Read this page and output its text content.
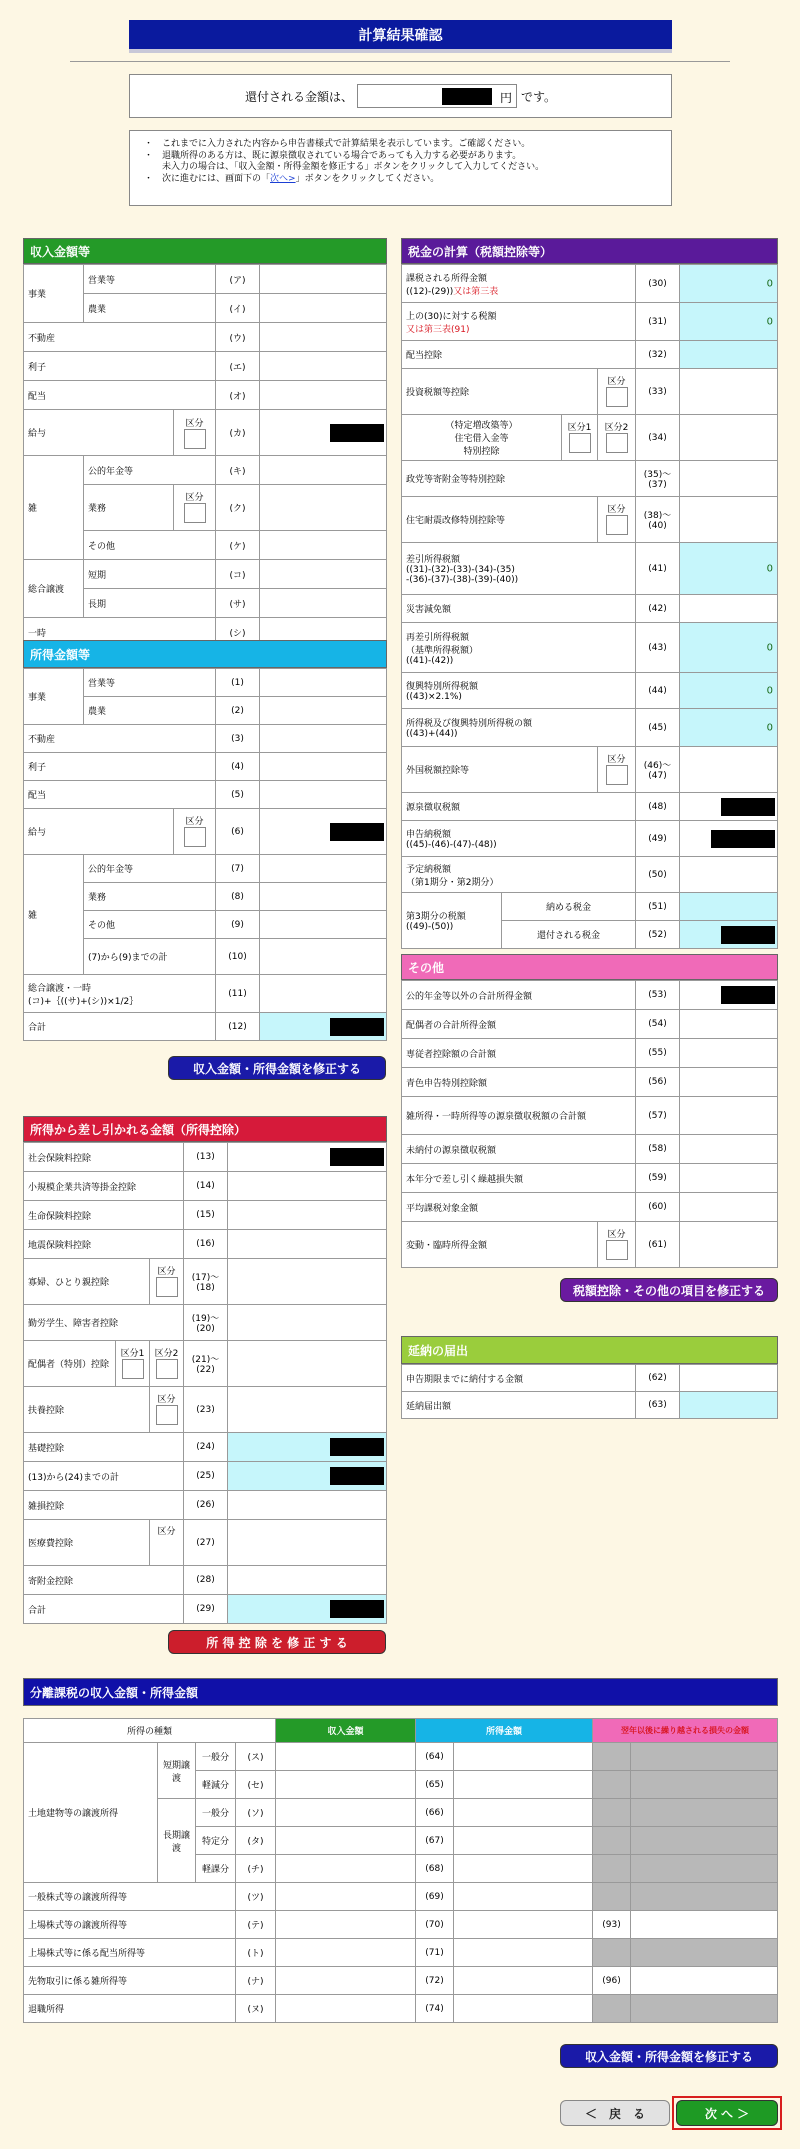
計算結果確認
還付される金額は、	円 です。
・　これまでに入力された内容から申告書様式で計算結果を表示しています。ご確認ください。
・　退職所得のある方は、既に源泉徴収されている場合であっても入力する必要があります。
　　未入力の場合は、「収入金額・所得金額を修正する」ボタンをクリックして入力してください。
・　次に進むには、画面下の「次へ>」ボタンをクリックしてください。
収入金額等
事業	営業等		(ア)	
	農業		(イ)	
不動産			(ウ)	
利子			(エ)	
配当			(オ)	
給与		区分	(カ)	

雑	公的年金等		(キ)	
	業務	区分	(ク)	
	その他		(ケ)	
総合譲渡	短期		(コ)	
	長期		(サ)	
一時			(シ)	
所得金額等
事業	営業等		(1)	
	農業		(2)	
不動産			(3)	
利子			(4)	
配当			(5)	
給与		区分	(6)	

雑	公的年金等		(7)	
	業務		(8)	
	その他		(9)	
	(7)から(9)までの計		(10)	

総合譲渡・一時
(コ)+｛((サ)+(シ))×1/2｝			(11)	
合計			(12)	
収入金額・所得金額を修正する
所得から差し引かれる金額（所得控除）
社会保険料控除			(13)	

小規模企業共済等掛金控除			(14)	
生命保険料控除			(15)	
地震保険料控除			(16)	
寡婦、ひとり親控除		区分	(17)～(18)	
勤労学生、障害者控除			(19)～(20)	
配偶者（特別）控除	区分1	区分2	(21)～(22)	
扶養控除		区分	(23)	
基礎控除			(24)	

(13)から(24)までの計			(25)	

雑損控除			(26)	
医療費控除		区分	(27)	
寄附金控除			(28)	
合計			(29)	
所 得 控 除 を 修 正 す る
税金の計算（税額控除等）
課税される所得金額
((12)-(29))又は第三表				(30)	0

上の(30)に対する税額
又は第三表(91)				(31)	0

配当控除				(32)	
投資税額等控除			区分	(33)	

（特定増改築等）
住宅借入金等
特別控除		区分1	区分2	(34)	
政党等寄附金等特別控除				(35)～(37)	
住宅耐震改修特別控除等			区分	(38)～(40)	

差引所得税額
((31)-(32)-(33)-(34)-(35)
-(36)-(37)-(38)-(39)-(40))				(41)	0

災害減免額				(42)	

再差引所得税額
（基準所得税額）
((41)-(42))				(43)	0

復興特別所得税額
((43)×2.1%)				(44)	0

所得税及び復興特別所得税の額
((43)+(44))				(45)	0

外国税額控除等			区分	(46)～(47)	
源泉徴収税額				(48)	

申告納税額
((45)-(46)-(47)-(48))				(49)	

予定納税額
（第1期分・第2期分）				(50)	

第3期分の税額
((49)-(50))	納める税金			(51)	
	還付される税金			(52)	
その他
公的年金等以外の合計所得金額		(53)	

配偶者の合計所得金額		(54)	
専従者控除額の合計額		(55)	
青色申告特別控除額		(56)	
雑所得・一時所得等の源泉徴収税額の合計額		(57)	
未納付の源泉徴収税額		(58)	
本年分で差し引く繰越損失額		(59)	
平均課税対象金額		(60)	
変動・臨時所得金額	区分	(61)	
税額控除・その他の項目を修正する
延納の届出
申告期限までに納付する金額	(62)	
延納届出額	(63)	
分離課税の収入金額・所得金額
所得の種類				収入金額	所得金額		翌年以後に繰り越される損失の金額	
土地建物等の譲渡所得	短期譲渡	一般分	(ス)		(64)			
		軽減分	(セ)		(65)			
	長期譲渡	一般分	(ソ)		(66)			
		特定分	(タ)		(67)			
		軽課分	(チ)		(68)			
一般株式等の譲渡所得等			(ツ)		(69)			
上場株式等の譲渡所得等			(テ)		(70)		(93)	
上場株式等に係る配当所得等			(ト)		(71)			
先物取引に係る雑所得等			(ナ)		(72)		(96)	
退職所得			(ヌ)		(74)			
収入金額・所得金額を修正する
＜　戻　る	次 へ ＞
